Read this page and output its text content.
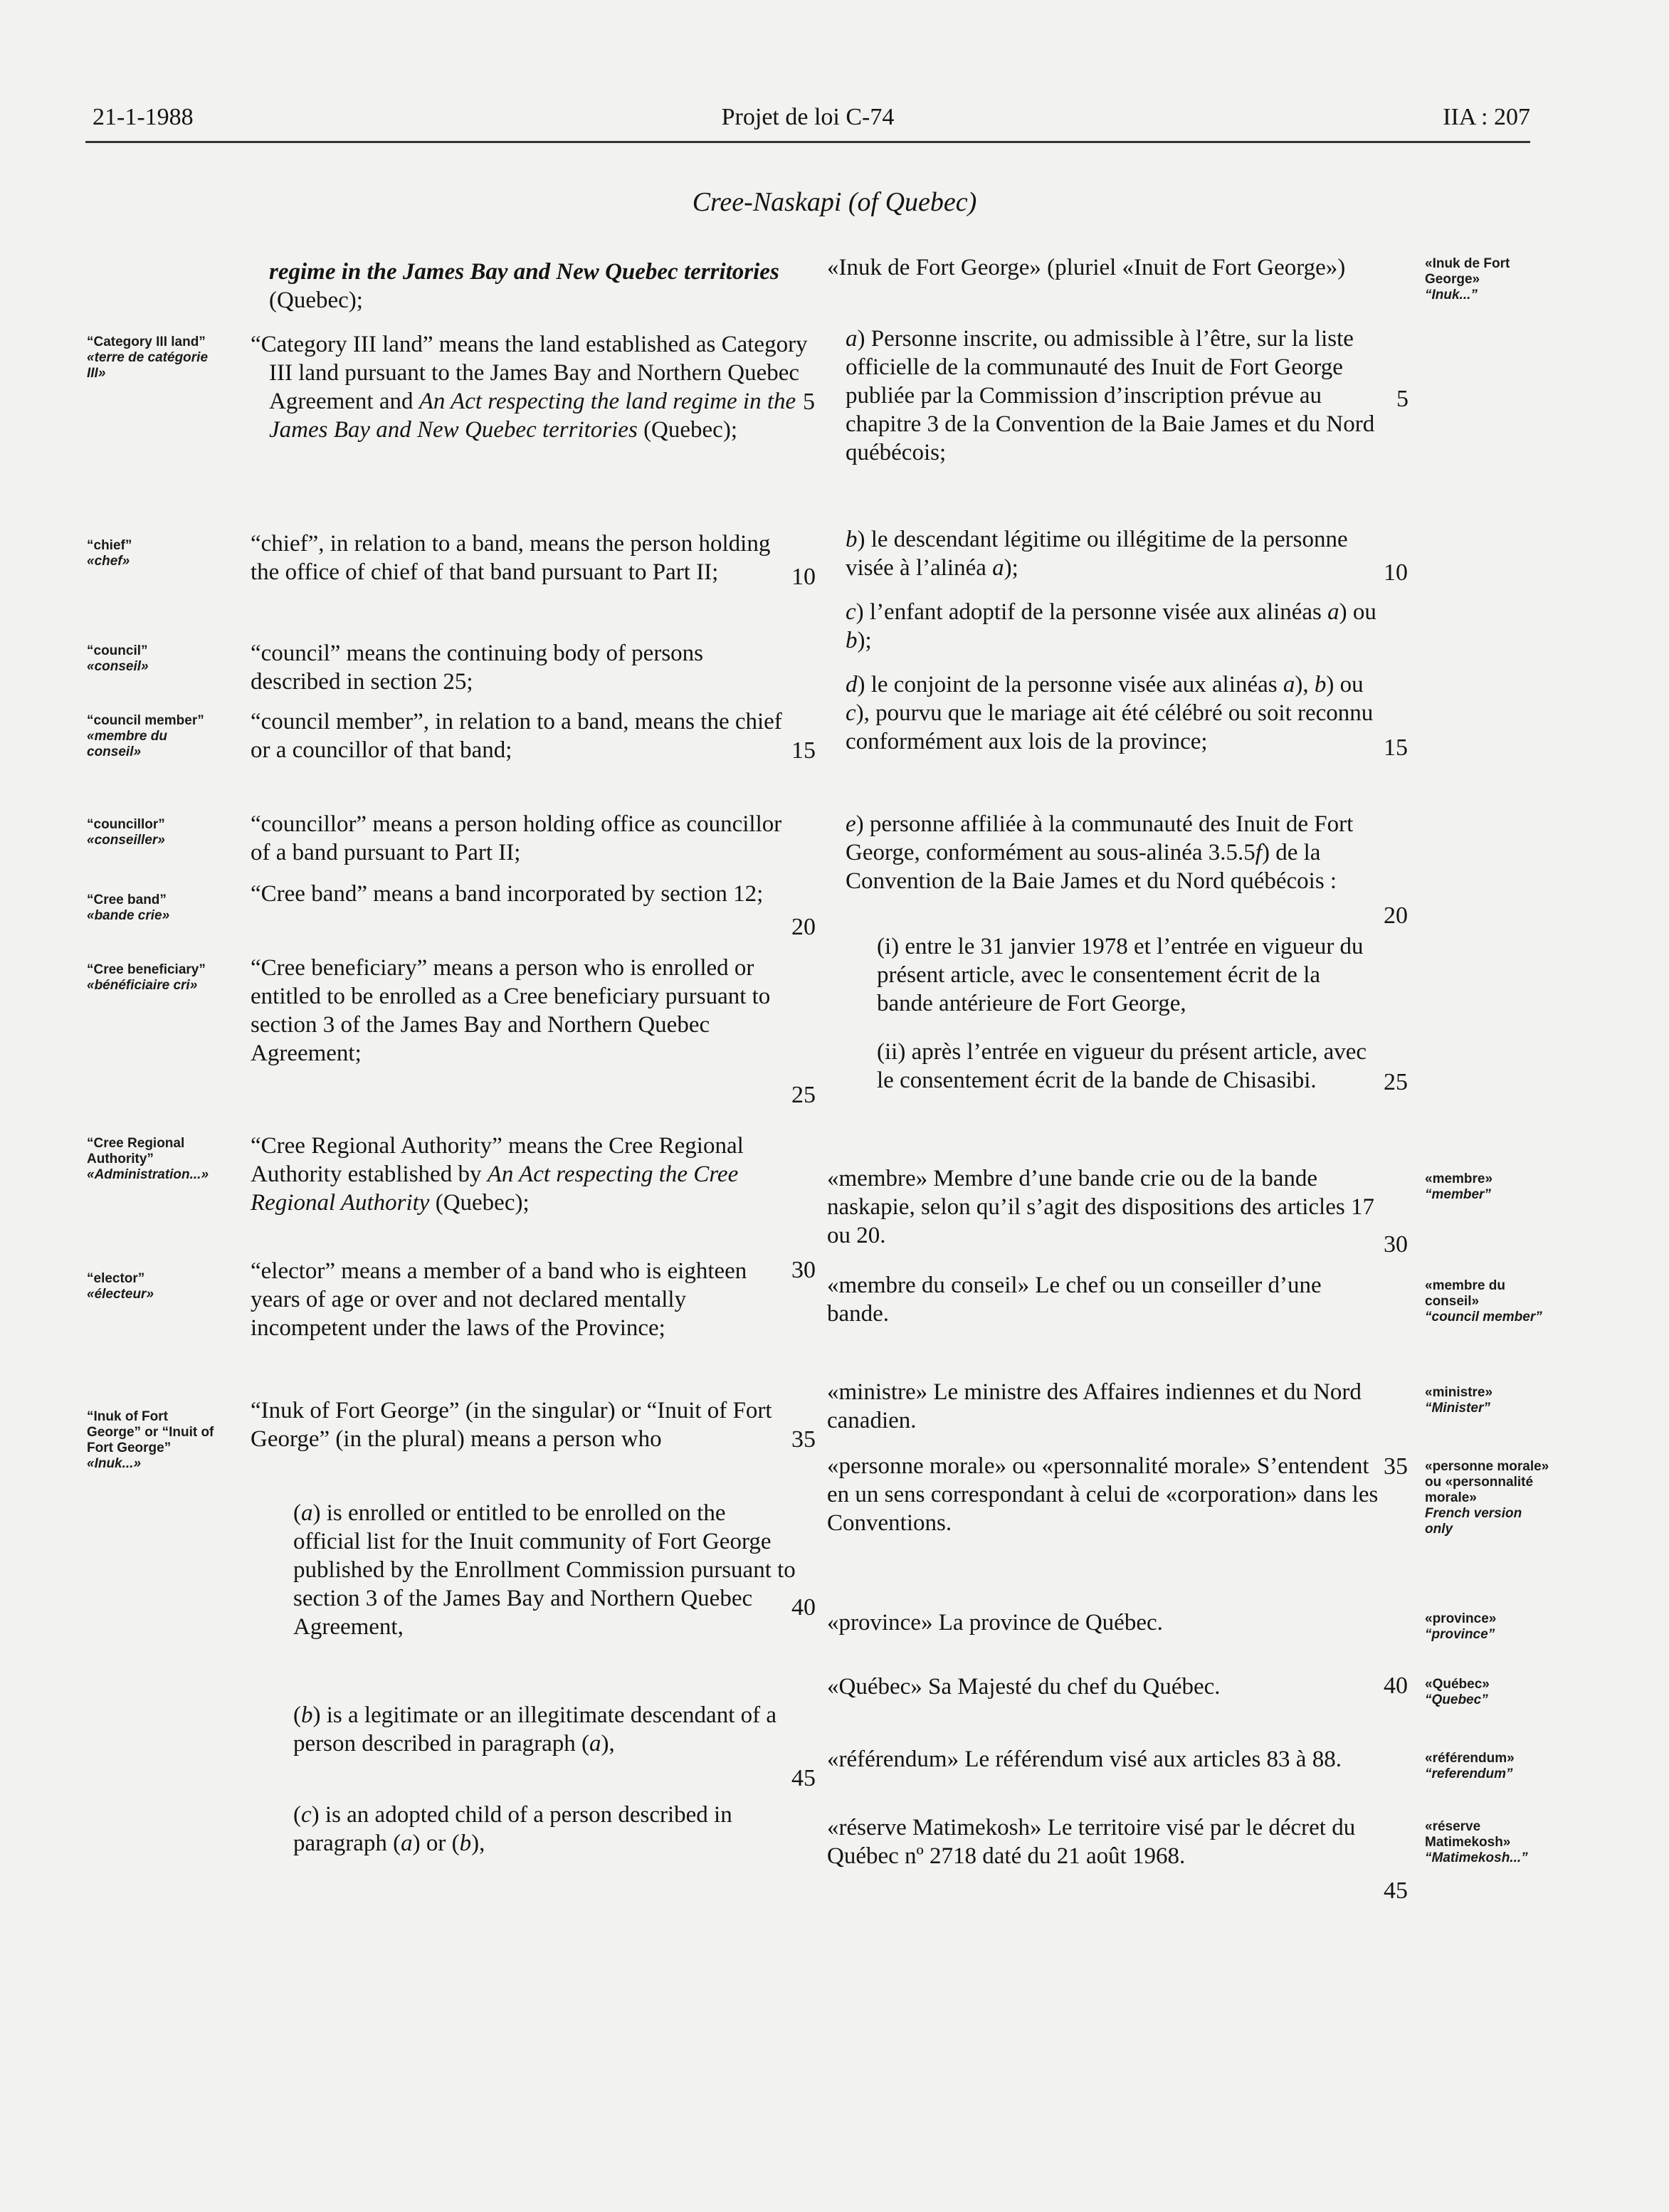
21-1-1988	Projet de loi C-74	IIA : 207
Cree-Naskapi (of Quebec)
regime in the James Bay and New Quebec territories (Quebec);
“Category III land” means the land established as Category III land pursuant to the James Bay and Northern Quebec Agreement and An Act respecting the land regime in the James Bay and New Quebec territories (Quebec);
“chief”, in relation to a band, means the person holding the office of chief of that band pursuant to Part II;
“council” means the continuing body of persons described in section 25;
“council member”, in relation to a band, means the chief or a councillor of that band;
“councillor” means a person holding office as councillor of a band pursuant to Part II;
“Cree band” means a band incorporated by section 12;
“Cree beneficiary” means a person who is enrolled or entitled to be enrolled as a Cree beneficiary pursuant to section 3 of the James Bay and Northern Quebec Agreement;
“Cree Regional Authority” means the Cree Regional Authority established by An Act respecting the Cree Regional Authority (Quebec);
“elector” means a member of a band who is eighteen years of age or over and not declared mentally incompetent under the laws of the Province;
“Inuk of Fort George” (in the singular) or “Inuit of Fort George” (in the plural) means a person who
(a) is enrolled or entitled to be enrolled on the official list for the Inuit community of Fort George published by the Enrollment Commission pursuant to section 3 of the James Bay and Northern Quebec Agreement,
(b) is a legitimate or an illegitimate descendant of a person described in paragraph (a),
(c) is an adopted child of a person described in paragraph (a) or (b),
«Inuk de Fort George» (pluriel «Inuit de Fort George»)
a) Personne inscrite, ou admissible à l’être, sur la liste officielle de la communauté des Inuit de Fort George publiée par la Commission d’inscription prévue au chapitre 3 de la Convention de la Baie James et du Nord québécois;
b) le descendant légitime ou illégitime de la personne visée à l’alinéa a);
c) l’enfant adoptif de la personne visée aux alinéas a) ou b);
d) le conjoint de la personne visée aux alinéas a), b) ou c), pourvu que le mariage ait été célébré ou soit reconnu conformément aux lois de la province;
e) personne affiliée à la communauté des Inuit de Fort George, conformément au sous-alinéa 3.5.5f) de la Convention de la Baie James et du Nord québécois :
(i) entre le 31 janvier 1978 et l’entrée en vigueur du présent article, avec le consentement écrit de la bande antérieure de Fort George,
(ii) après l’entrée en vigueur du présent article, avec le consentement écrit de la bande de Chisasibi.
«membre» Membre d’une bande crie ou de la bande naskapie, selon qu’il s’agit des dispositions des articles 17 ou 20.
«membre du conseil» Le chef ou un conseiller d’une bande.
«ministre» Le ministre des Affaires indiennes et du Nord canadien.
«personne morale» ou «personnalité morale» S’entendent en un sens correspondant à celui de «corporation» dans les Conventions.
«province» La province de Québec.
«Québec» Sa Majesté du chef du Québec.
«référendum» Le référendum visé aux articles 83 à 88.
«réserve Matimekosh» Le territoire visé par le décret du Québec nº 2718 daté du 21 août 1968.
“Category III land”
«terre de catégorie III»
“chief”
«chef»
“council”
«conseil»
“council member”
«membre du conseil»
“councillor”
«conseiller»
“Cree band”
«bande crie»
“Cree beneficiary”
«bénéficiaire cri»
“Cree Regional Authority”
«Administration...»
“elector”
«électeur»
“Inuk of Fort George” or “Inuit of Fort George”
«Inuk...»
«Inuk de Fort George»
“Inuk...”
«membre»
“member”
«membre du conseil»
“council member”
«ministre»
“Minister”
«personne morale» ou «personnalité morale»
French version only
«province»
“province”
«Québec»
“Quebec”
«référendum»
“referendum”
«réserve Matimekosh»
“Matimekosh...”
5
10
15
20
25
30
35
40
45
5
10
15
20
25
30
35
40
45
